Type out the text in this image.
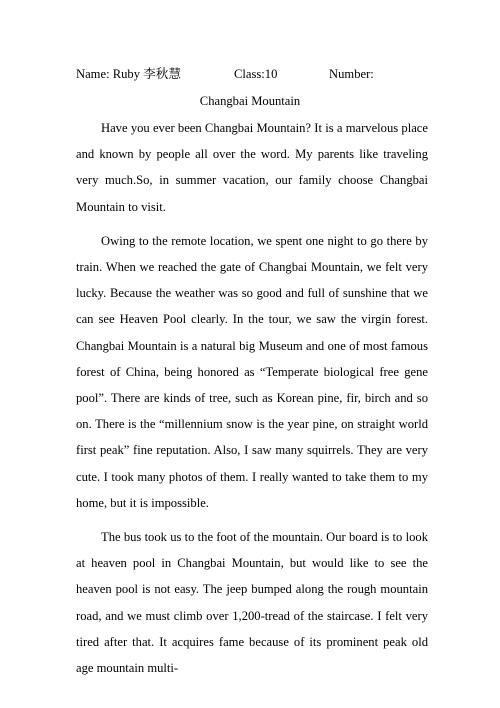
Name: Ruby 李秋慧	Class:10	Number:
Changbai Mountain

Have you ever been Changbai Mountain? It is a marvelous place and known by people all over the word. My parents like traveling very much.So, in summer vacation, our family choose Changbai Mountain to visit.

Owing to the remote location, we spent one night to go there by train. When we reached the gate of Changbai Mountain, we felt very lucky. Because the weather was so good and full of sunshine that we can see Heaven Pool clearly. In the tour, we saw the virgin forest. Changbai Mountain is a natural big Museum and one of most famous forest of China, being honored as “Temperate biological free gene pool”. There are kinds of tree, such as Korean pine, fir, birch and so on. There is the “millennium snow is the year pine, on straight world first peak” fine reputation. Also, I saw many squirrels. They are very cute. I took many photos of them. I really wanted to take them to my home, but it is impossible.

The bus took us to the foot of the mountain. Our board is to look at heaven pool in Changbai Mountain, but would like to see the heaven pool is not easy. The jeep bumped along the rough mountain road, and we must climb over 1,200-tread of the staircase. I felt very tired after that. It acquires fame because of its prominent peak old age mountain multi-
